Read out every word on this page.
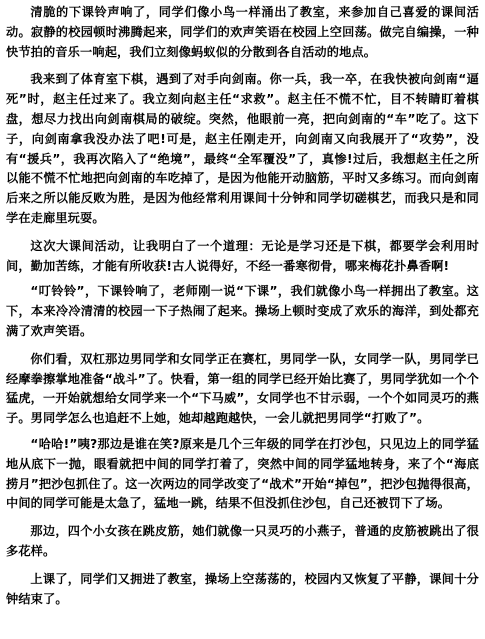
清脆的下课铃声响了，同学们像小鸟一样涌出了教室，来参加自己喜爱的课间活动。寂静的校园顿时沸腾起来，同学们的欢声笑语在校园上空回荡。做完自编操，一种快节拍的音乐一响起，我们立刻像蚂蚁似的分散到各自活动的地点。

我来到了体育室下棋，遇到了对手向剑南。你一兵，我一卒，在我快被向剑南“逼死”时，赵主任过来了。我立刻向赵主任“求救”。赵主任不慌不忙，目不转睛盯着棋盘，想尽力找出向剑南棋局的破绽。突然，他眼前一亮，把向剑南的“车”吃了。这下子，向剑南拿我没办法了吧!可是，赵主任刚走开，向剑南又向我展开了“攻势”，没有“援兵”，我再次陷入了“绝境”，最终“全军覆没”了，真惨!过后，我想赵主任之所以能不慌不忙地把向剑南的车吃掉了，是因为他能开动脑筋，平时又多练习。而向剑南后来之所以能反败为胜，是因为他经常利用课间十分钟和同学切磋棋艺，而我只是和同学在走廊里玩耍。

这次大课间活动，让我明白了一个道理：无论是学习还是下棋，都要学会利用时间，勤加苦练，才能有所收获!古人说得好，不经一番寒彻骨，哪来梅花扑鼻香啊!

“叮铃铃”，下课铃响了，老师刚一说“下课”，我们就像小鸟一样拥出了教室。这下，本来冷冷清清的校园一下子热闹了起来。操场上顿时变成了欢乐的海洋，到处都充满了欢声笑语。

你们看，双杠那边男同学和女同学正在赛杠，男同学一队，女同学一队，男同学已经摩拳擦掌地准备“战斗”了。快看，第一组的同学已经开始比赛了，男同学犹如一个个猛虎，一开始就想给女同学来一个“下马威”，女同学也不甘示弱，一个个如同灵巧的燕子。男同学怎么也追赶不上她，她却越跑越快，一会儿就把男同学“打败了”。

“哈哈!”咦?那边是谁在笑?原来是几个三年级的同学在打沙包，只见边上的同学猛地从底下一抛，眼看就把中间的同学打着了，突然中间的同学猛地转身，来了个“海底捞月”把沙包抓住了。这一次两边的同学改变了“战术”开始“掉包”，把沙包抛得很高，中间的同学可能是太急了，猛地一跳，结果不但没抓住沙包，自己还被罚下了场。

那边，四个小女孩在跳皮筋，她们就像一只灵巧的小燕子，普通的皮筋被跳出了很多花样。

上课了，同学们又拥进了教室，操场上空荡荡的，校园内又恢复了平静，课间十分钟结束了。
